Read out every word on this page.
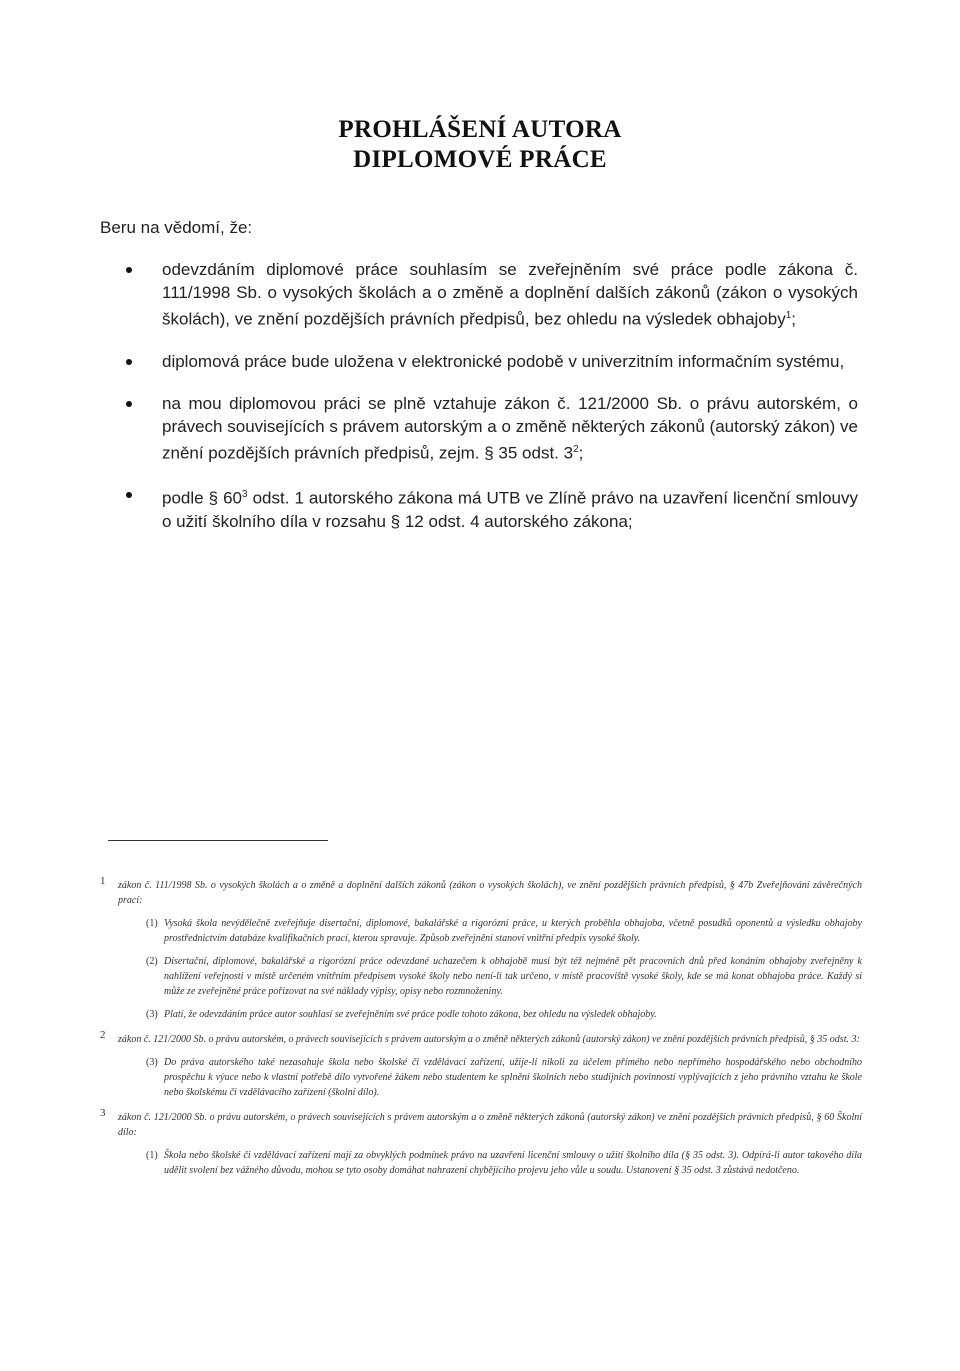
PROHLÁŠENÍ AUTORA
DIPLOMOVÉ PRÁCE
Beru na vědomí, že:
odevzdáním diplomové práce souhlasím se zveřejněním své práce podle zákona č. 111/1998 Sb. o vysokých školách a o změně a doplnění dalších zákonů (zákon o vysokých školách), ve znění pozdějších právních předpisů, bez ohledu na výsledek obhajoby$^1$;
diplomová práce bude uložena v elektronické podobě v univerzitním informačním systému,
na mou diplomovou práci se plně vztahuje zákon č. 121/2000 Sb. o právu autorském, o právech souvisejících s právem autorským a o změně některých zákonů (autorský zákon) ve znění pozdějších právních předpisů, zejm. § 35 odst. $3^2$;
podle § $60^3$ odst. 1 autorského zákona má UTB ve Zlíně právo na uzavření licenční smlouvy o užití školního díla v rozsahu § 12 odst. 4 autorského zákona;
1 zákon č. 111/1998 Sb. o vysokých školách a o změně a doplnění dalších zákonů (zákon o vysokých školách), ve znění pozdějších právních předpisů, § 47b Zveřejňování závěrečných prací:
(1) Vysoká škola nevýdělečně zveřejňuje disertační, diplomové, bakalářské a rigorózní práce, u kterých proběhla obhajoba, včetně posudků oponentů a výsledku obhajoby prostřednictvím databáze kvalifikačních prací, kterou spravuje. Způsob zveřejnění stanoví vnitřní předpis vysoké školy.
(2) Disertační, diplomové, bakalářské a rigorózní práce odevzdané uchazečem k obhajobě musí být též nejméně pět pracovních dnů před konáním obhajoby zveřejněny k nahlížení veřejnosti v místě určeném vnitřním předpisem vysoké školy nebo není-li tak určeno, v místě pracoviště vysoké školy, kde se má konat obhajoba práce. Každý si může ze zveřejněné práce pořizovat na své náklady výpisy, opisy nebo rozmnoženiny.
(3) Platí, že odevzdáním práce autor souhlasí se zveřejněním své práce podle tohoto zákona, bez ohledu na výsledek obhajoby.
2 zákon č. 121/2000 Sb. o právu autorském, o právech souvisejících s právem autorským a o změně některých zákonů (autorský zákon) ve znění pozdějších právních předpisů, § 35 odst. 3:
(3) Do práva autorského také nezasahuje škola nebo školské či vzdělávací zařízení, užije-li nikoli za účelem přímého nebo nepřímého hospodářského nebo obchodního prospěchu k výuce nebo k vlastní potřebě dílo vytvořené žákem nebo studentem ke splnění školních nebo studijních povinností vyplývajících z jeho právního vztahu ke škole nebo školskému či vzdělávacího zařízení (školní dílo).
3 zákon č. 121/2000 Sb. o právu autorském, o právech souvisejících s právem autorským a o změně některých zákonů (autorský zákon) ve znění pozdějších právních předpisů, § 60 Školní dílo:
(1) Škola nebo školské či vzdělávací zařízení mají za obvyklých podmínek právo na uzavření licenční smlouvy o užití školního díla (§ 35 odst. 3). Odpírá-li autor takového díla udělit svolení bez vážného důvodu, mohou se tyto osoby domáhat nahrazení chybějícího projevu jeho vůle u soudu. Ustanovení § 35 odst. 3 zůstává nedotčeno.
